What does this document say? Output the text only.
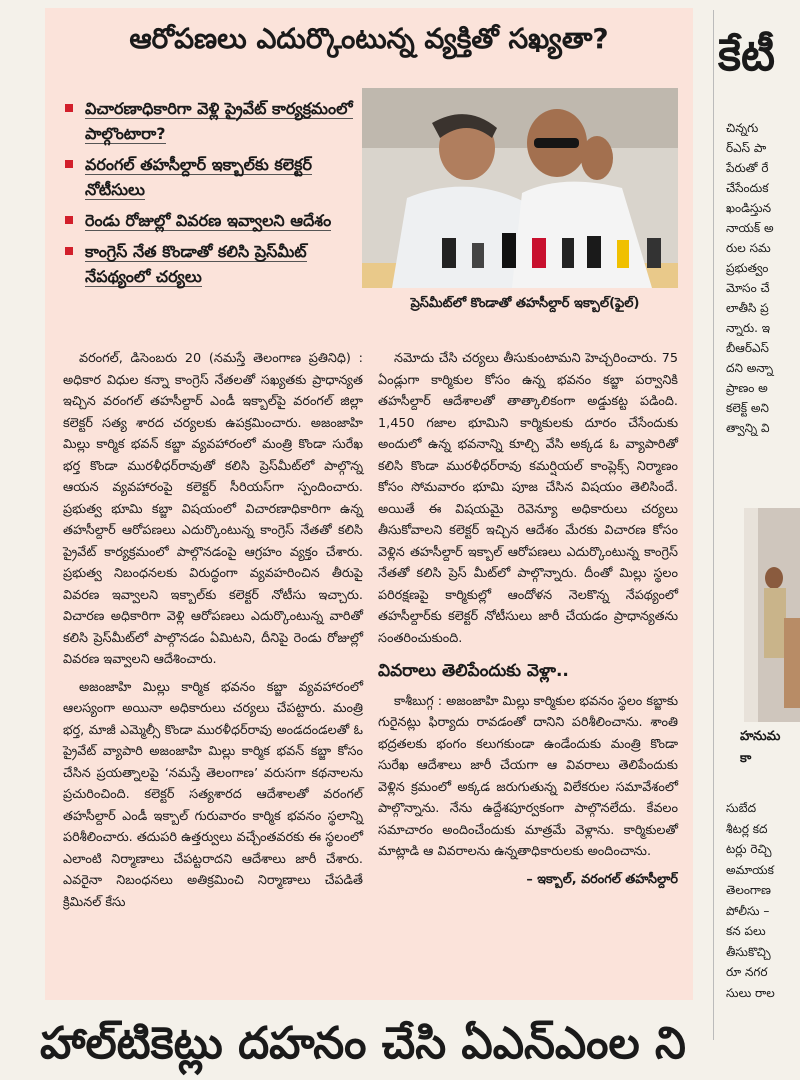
ఆరోపణలు ఎదుర్కొంటున్న వ్యక్తితో సఖ్యతా?
విచారణాధికారిగా వెళ్లి ప్రైవేట్ కార్యక్రమంలో పాల్గొంటారా?
వరంగల్ తహసీల్దార్ ఇక్బాల్‌కు కలెక్టర్ నోటీసులు
రెండు రోజుల్లో వివరణ ఇవ్వాలని ఆదేశం
కాంగ్రెస్ నేత కొండాతో కలిసి ప్రెస్‌మీట్ నేపథ్యంలో చర్యలు
ప్రెస్‌మీట్‌లో కొండాతో తహసీల్దార్ ఇక్బాల్(ఫైల్)

వరంగల్, డిసెంబరు 20 (నమస్తే తెలంగాణ ప్రతినిధి) : అధికార విధుల కన్నా కాంగ్రెస్ నేతలతో సఖ్యతకు ప్రాధాన్యత ఇచ్చిన వరంగల్ తహసీల్దార్ ఎండీ ఇక్బాల్‌పై వరంగల్ జిల్లా కలెక్టర్ సత్య శారద చర్యలకు ఉపక్రమించారు. అజంజాహి మిల్లు కార్మిక భవన్ కబ్జా వ్యవహారంలో మంత్రి కొండా సురేఖ భర్త కొండా మురళీధర్‌రావుతో కలిసి ప్రెస్‌మీట్‌లో పాల్గొన్న ఆయన వ్యవహారంపై కలెక్టర్ సీరియస్‌గా స్పందించారు. ప్రభుత్వ భూమి కబ్జా విషయంలో విచారణాధికారిగా ఉన్న తహసీల్దార్ ఆరోపణలు ఎదుర్కొంటున్న కాంగ్రెస్ నేతతో కలిసి ప్రైవేట్ కార్యక్రమంలో పాల్గొనడంపై ఆగ్రహం వ్యక్తం చేశారు. ప్రభుత్వ నిబంధనలకు విరుద్ధంగా వ్యవహరించిన తీరుపై వివరణ ఇవ్వాలని ఇక్బాల్‌కు కలెక్టర్ నోటీసు ఇచ్చారు. విచారణ అధికారిగా వెళ్లి ఆరోపణలు ఎదుర్కొంటున్న వారితో కలిసి ప్రెస్‌మీట్‌లో పాల్గొనడం ఏమిటని, దీనిపై రెండు రోజుల్లో వివరణ ఇవ్వాలని ఆదేశించారు.

అజంజాహి మిల్లు కార్మిక భవనం కబ్జా వ్యవహారంలో ఆలస్యంగా అయినా అధికారులు చర్యలు చేపట్టారు. మంత్రి భర్త, మాజీ ఎమ్మెల్సీ కొండా మురళీధర్‌రావు అండదండలతో ఓ ప్రైవేట్ వ్యాపారి అజంజాహి మిల్లు కార్మిక భవన్ కబ్జా కోసం చేసిన ప్రయత్నాలపై ‘నమస్తే తెలంగాణ’ వరుసగా కథనాలను ప్రచురించింది. కలెక్టర్ సత్యశారద ఆదేశాలతో వరంగల్ తహసీల్దార్ ఎండీ ఇక్బాల్ గురువారం కార్మిక భవనం స్థలాన్ని పరిశీలించారు. తదుపరి ఉత్తర్వులు వచ్చేంతవరకు ఈ స్థలంలో ఎలాంటి నిర్మాణాలు చేపట్టరాదని ఆదేశాలు జారీ చేశారు. ఎవరైనా నిబంధనలు అతిక్రమించి నిర్మాణాలు చేపడితే క్రిమినల్ కేసు

నమోదు చేసి చర్యలు తీసుకుంటామని హెచ్చరించారు. 75 ఏండ్లుగా కార్మికుల కోసం ఉన్న భవనం కబ్జా పర్వానికి తహసీల్దార్ ఆదేశాలతో తాత్కాలికంగా అడ్డుకట్ట పడింది. 1,450 గజాల భూమిని కార్మికులకు దూరం చేసేందుకు అందులో ఉన్న భవనాన్ని కూల్చి వేసి అక్కడ ఓ వ్యాపారితో కలిసి కొండా మురళీధర్‌రావు కమర్షియల్ కాంప్లెక్స్ నిర్మాణం కోసం సోమవారం భూమి పూజ చేసిన విషయం తెలిసిందే. అయితే ఈ విషయమై రెవెన్యూ అధికారులు చర్యలు తీసుకోవాలని కలెక్టర్ ఇచ్చిన ఆదేశం మేరకు విచారణ కోసం వెళ్లిన తహసీల్దార్ ఇక్బాల్ ఆరోపణలు ఎదుర్కొంటున్న కాంగ్రెస్ నేతతో కలిసి ప్రెస్ మీట్‌లో పాల్గొన్నారు. దీంతో మిల్లు స్థలం పరిరక్షణపై కార్మికుల్లో ఆందోళన నెలకొన్న నేపథ్యంలో తహసీల్దార్‌కు కలెక్టర్ నోటీసులు జారీ చేయడం ప్రాధాన్యతను సంతరించుకుంది.

వివరాలు తెలిపేందుకు వెళ్లా..

కాశీబుగ్గ : అజంజాహి మిల్లు కార్మికుల భవనం స్థలం కబ్జాకు గురైనట్లు ఫిర్యాదు రావడంతో దానిని పరిశీలించాను. శాంతి భద్రతలకు భంగం కలుగకుండా ఉండేందుకు మంత్రి కొండా సురేఖ ఆదేశాలు జారీ చేయగా ఆ వివరాలు తెలిపేందుకు వెళ్లిన క్రమంలో అక్కడ జరుగుతున్న విలేకరుల సమావేశంలో పాల్గొన్నాను. నేను ఉద్దేశపూర్వకంగా పాల్గొనలేదు. కేవలం సమాచారం అందించేందుకు మాత్రమే వెళ్లాను. కార్మికులతో మాట్లాడి ఆ వివరాలను ఉన్నతాధికారులకు అందించాను.

– ఇక్బాల్, వరంగల్ తహసీల్దార్
కేటీ
చిన్నగు
ర్‌ఎస్ పా
పేరుతో రే
చేసేందుక
ఖండిస్తున
నాయక్ అ
రుల సమ
ప్రభుత్వం
మోసం చే
లాతీసి ప్ర
న్నారు. ఇ
బీఆర్‌ఎస్
దని అన్నా
ప్రాణం అ
కలెక్ట్ అని
త్వాన్ని వి
హనుమ
కా
సుబేద
శీటర్ల కద
టర్లు రెచ్చి
అమాయక
తెలంగాణ
పోలీసు –
కన పలు
తీసుకొచ్చి
రూ నగర
సులు రాల
హాల్‌టికెట్లు దహనం చేసి ఏఎన్ఎంల ని
